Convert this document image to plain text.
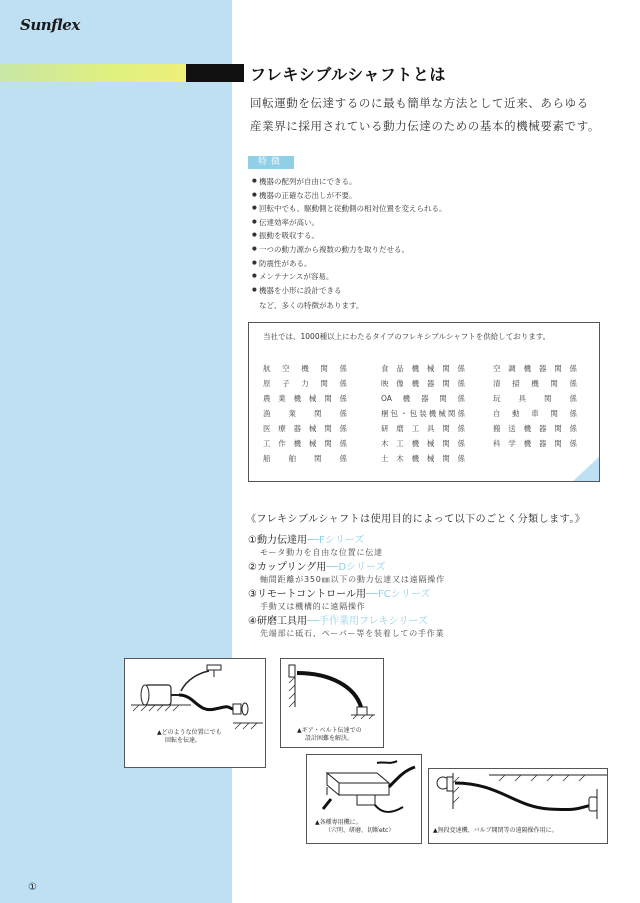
Sunflex
フレキシブルシャフトとは
回転運動を伝達するのに最も簡単な方法として近来、あらゆる
産業界に採用されている動力伝達のための基本的機械要素です。
特徴
● 機器の配列が自由にできる。
● 機器の正確な芯出しが不要。
● 回転中でも、駆動側と従動側の相対位置を変えられる。
● 伝達効率が高い。
● 振動を吸収する。
● 一つの動力源から複数の動力を取りだせる。
● 防震性がある。
● メンテナンスが容易。
● 機器を小形に設計できる
など、多くの特徴があります。
当社では、1000種以上にわたるタイプのフレキシブルシャフトを供給しております。
航空機関係
原子力関係
農業機械関係
漁業関係
医療器械関係
工作機械関係
船舶関係
食品機械関係
映像機器関係
OA機器関係
梱包・包装機械関係
研磨工具関係
木工機械関係
土木機械関係
空調機器関係
清掃機関係
玩具関係
自動車関係
搬送機器関係
科学機器関係
《フレキシブルシャフトは使用目的によって以下のごとく分類します。》
①動力伝達用──Fシリーズ
モータ動力を自由な位置に伝達
②カップリング用──Dシリーズ
軸間距離が350㎜以下の動力伝達又は遠隔操作
③リモートコントロール用──FCシリーズ
手動又は機構的に遠隔操作
④研磨工具用──手作業用フレキシリーズ
先端部に砥石、ペーパー等を装着しての手作業
▲どのような位置にでも
回転を伝達。
▲ギア・ベルト伝達での
設計困難を解決。
▲各種専用機に。
（穴明、研磨、切断etc）	▲無段変速機、バルブ開閉等の遠隔操作用に。
①
